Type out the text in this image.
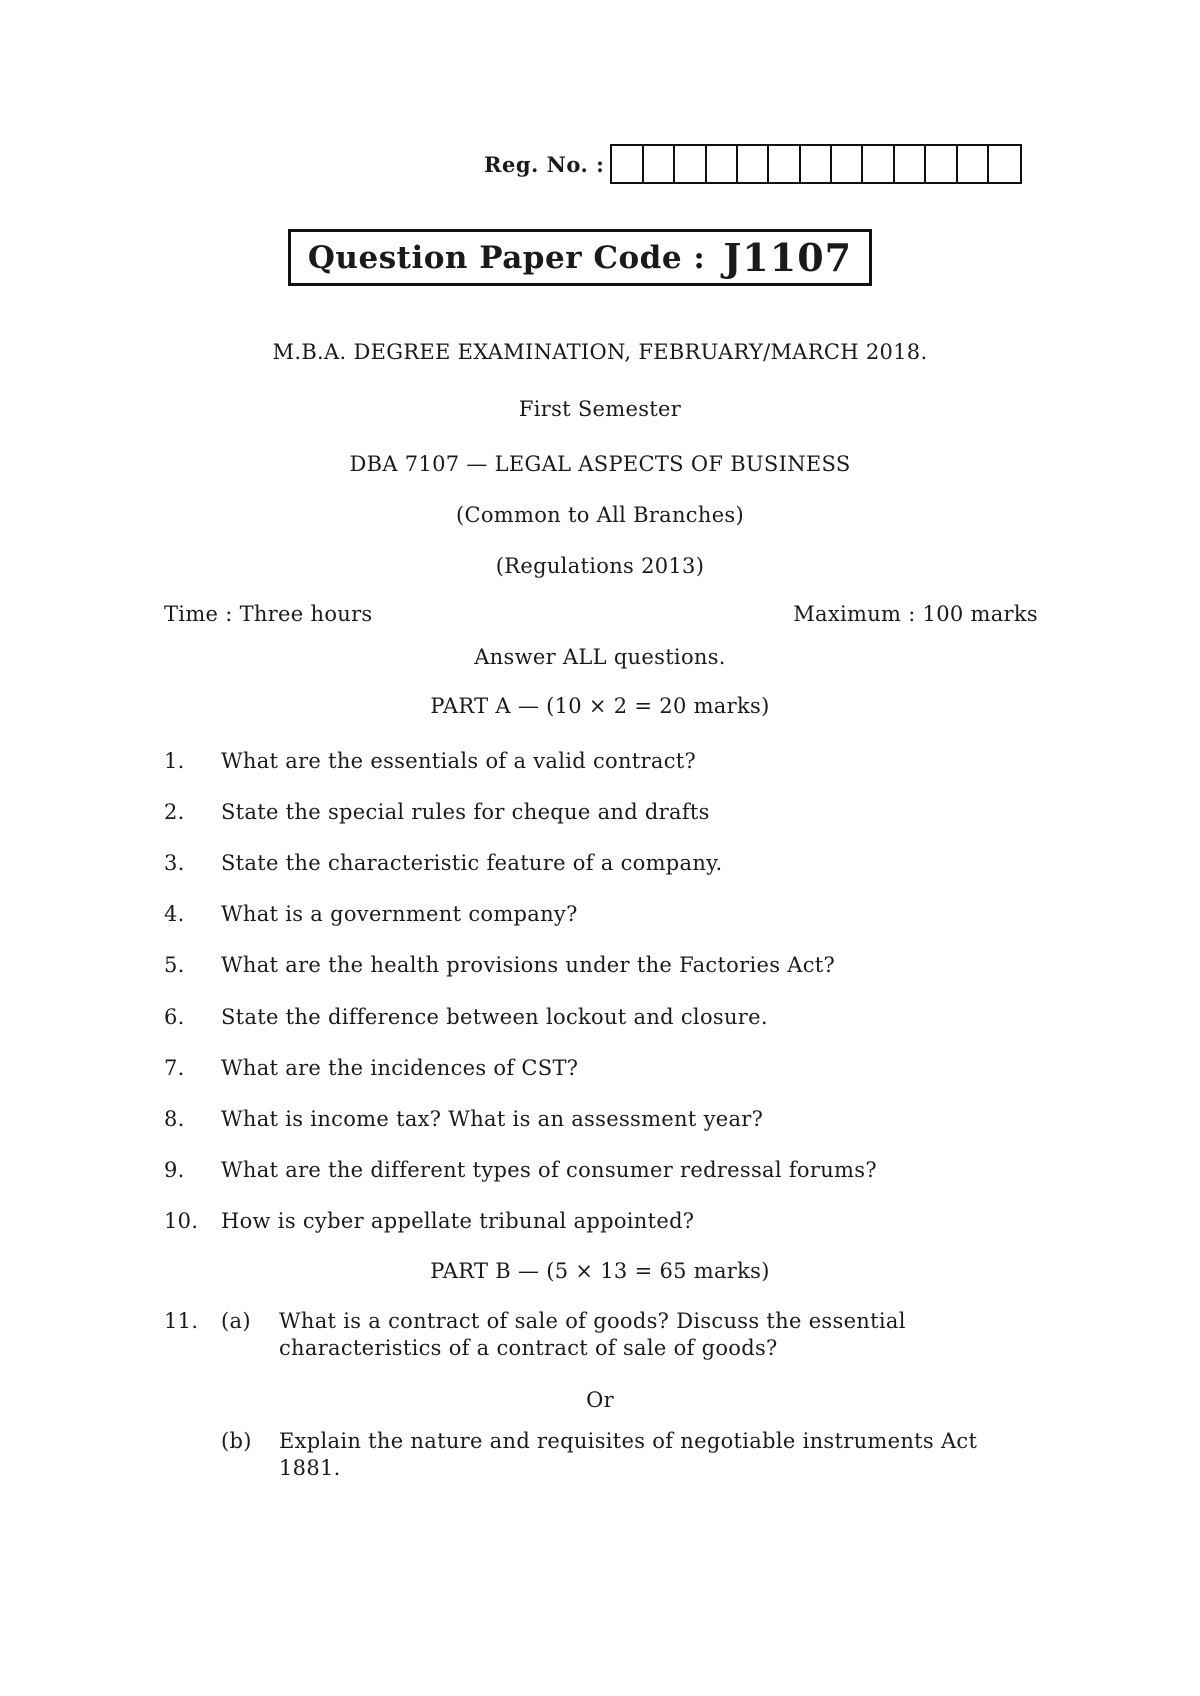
Reg. No. :
Question Paper Code : J1107
M.B.A. DEGREE EXAMINATION, FEBRUARY/MARCH 2018.
First Semester
DBA 7107 — LEGAL ASPECTS OF BUSINESS
(Common to All Branches)
(Regulations 2013)
Time : Three hours	Maximum : 100 marks
Answer ALL questions.
PART A — (10 × 2 = 20 marks)
1.	What are the essentials of a valid contract?
2.	State the special rules for cheque and drafts
3.	State the characteristic feature of a company.
4.	What is a government company?
5.	What are the health provisions under the Factories Act?
6.	State the difference between lockout and closure.
7.	What are the incidences of CST?
8.	What is income tax? What is an assessment year?
9.	What are the different types of consumer redressal forums?
10.	How is cyber appellate tribunal appointed?
PART B — (5 × 13 = 65 marks)
11.	(a)	What is a contract of sale of goods? Discuss the essential characteristics of a contract of sale of goods?
Or
(b)	Explain the nature and requisites of negotiable instruments Act 1881.
